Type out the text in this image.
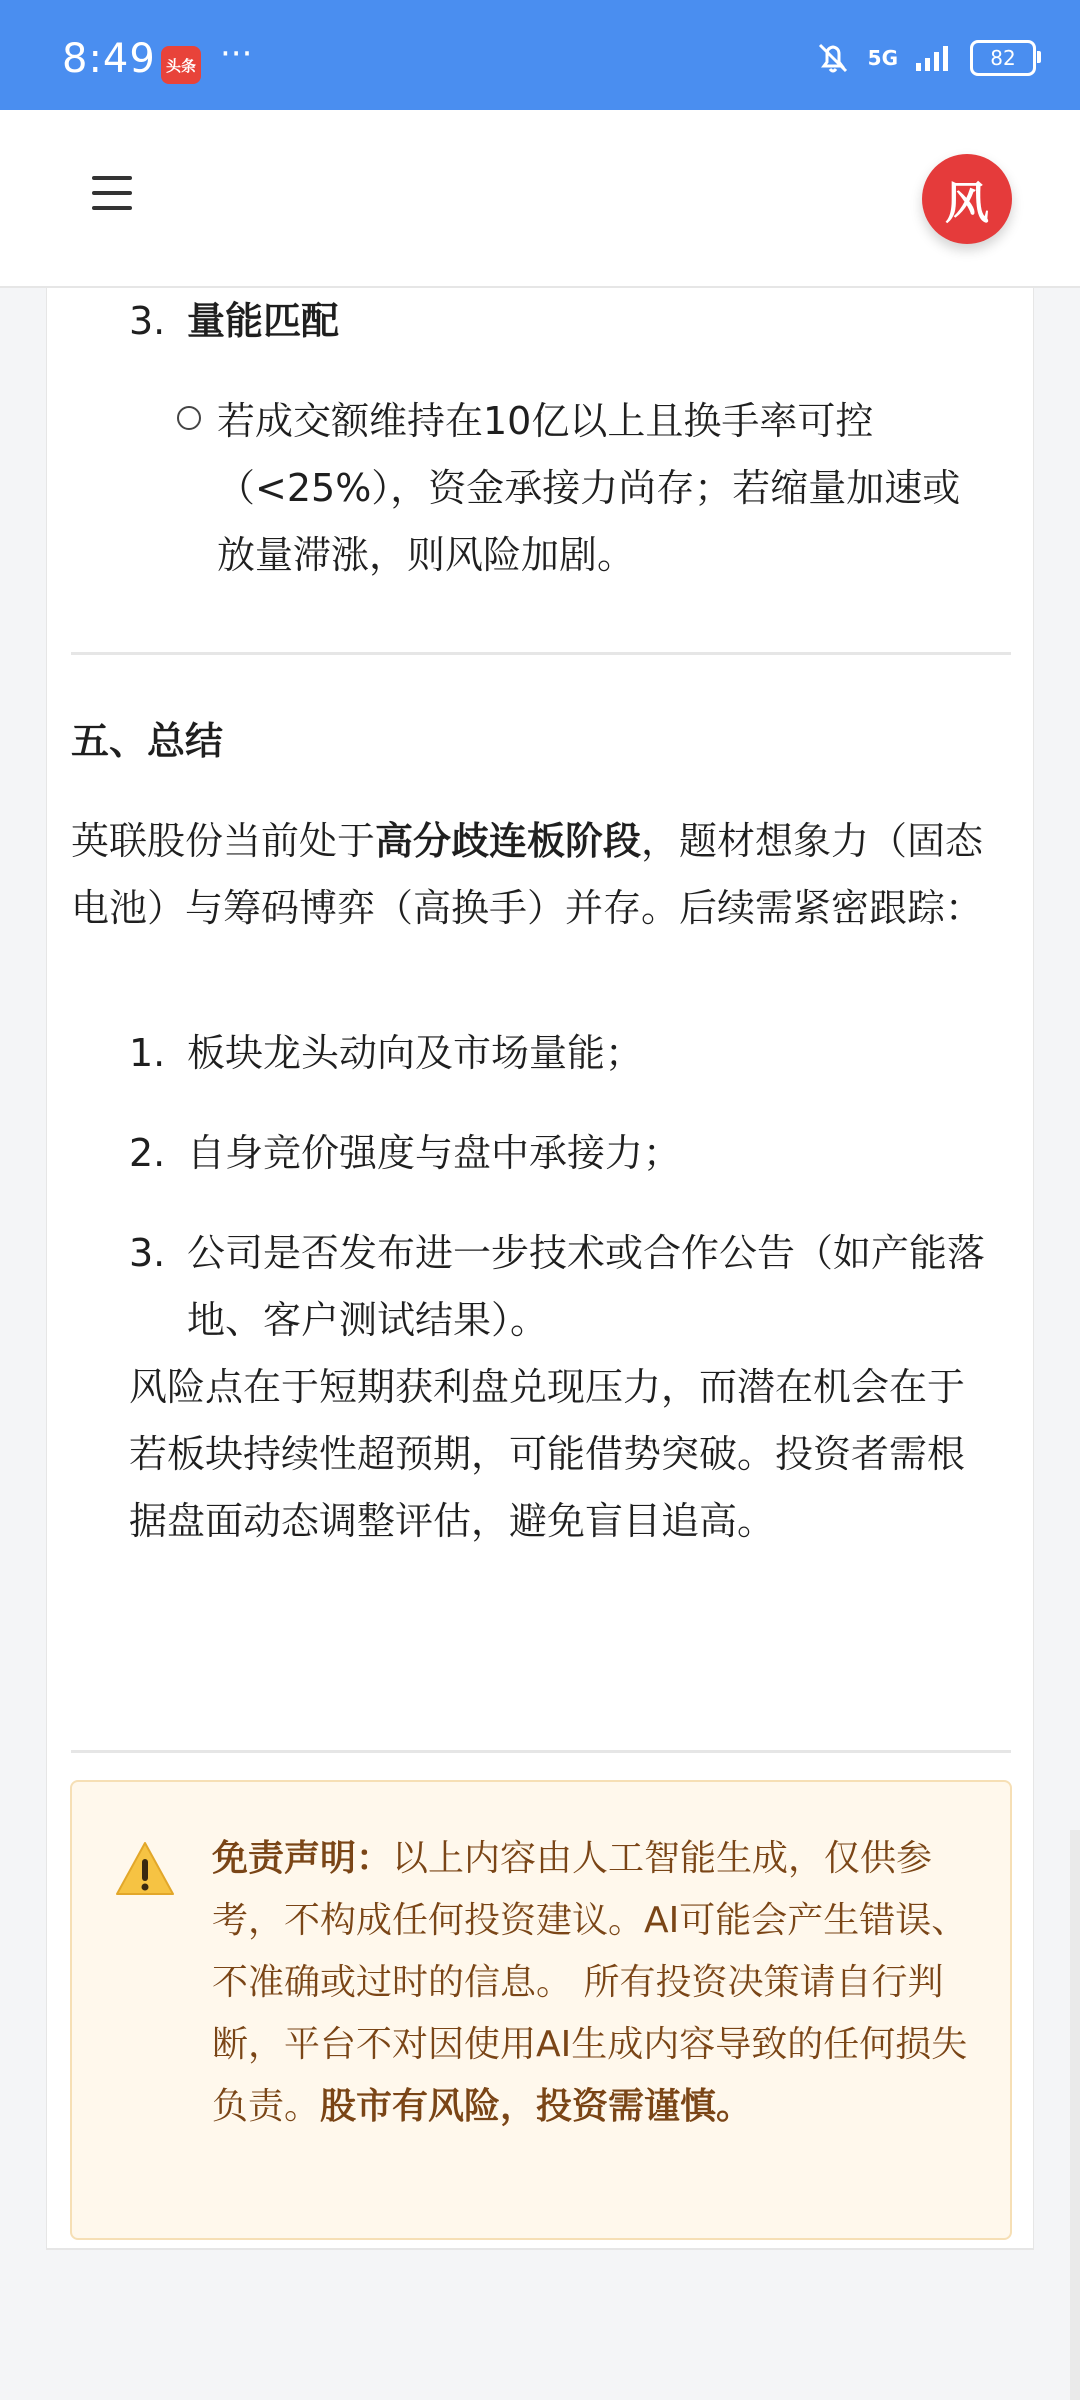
8:49 头条 ···	5G	82
风
3. 量能匹配
若成交额维持在10亿以上且换手率可控（<25%），资金承接力尚存；若缩量加速或放量滞涨，则风险加剧。
五、总结
英联股份当前处于高分歧连板阶段，题材想象力（固态电池）与筹码博弈（高换手）并存。后续需紧密跟踪：
1. 板块龙头动向及市场量能；
2. 自身竞价强度与盘中承接力；
3. 公司是否发布进一步技术或合作公告（如产能落地、客户测试结果）。
风险点在于短期获利盘兑现压力，而潜在机会在于若板块持续性超预期，可能借势突破。投资者需根据盘面动态调整评估，避免盲目追高。
免责声明：以上内容由人工智能生成，仅供参考，不构成任何投资建议。AI可能会产生错误、不准确或过时的信息。 所有投资决策请自行判断，平台不对因使用AI生成内容导致的任何损失负责。股市有风险，投资需谨慎。
